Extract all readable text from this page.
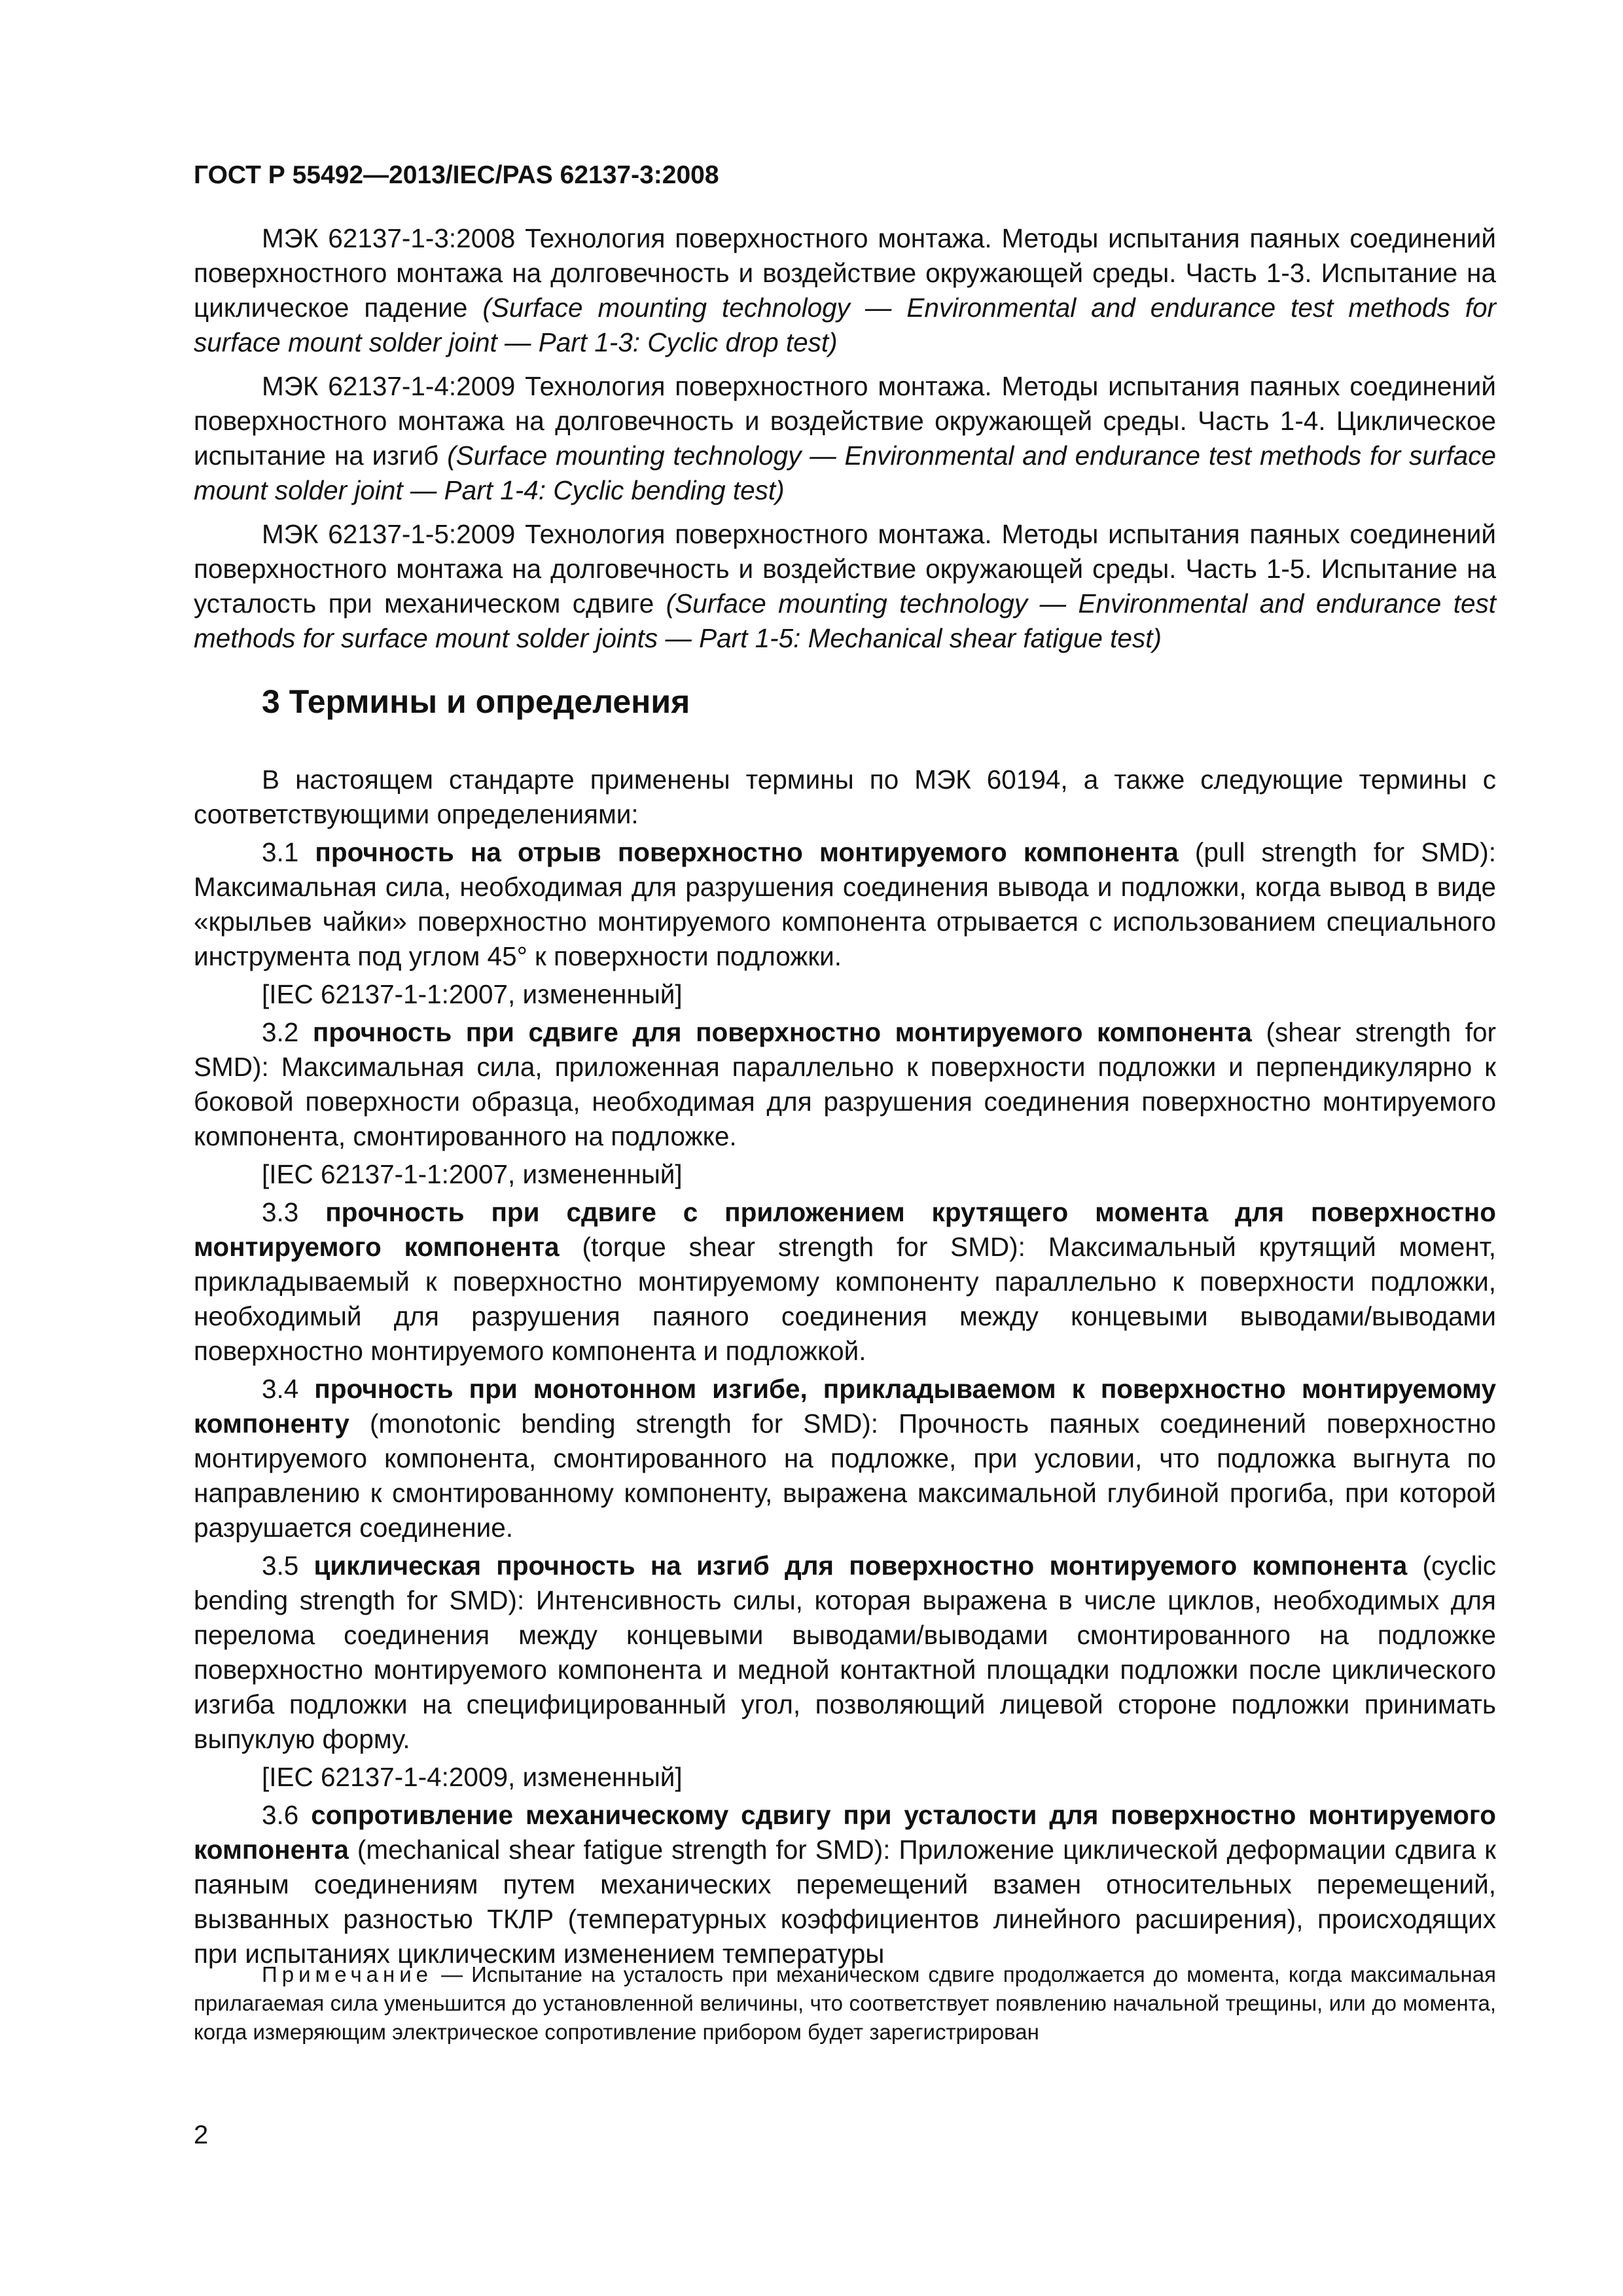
ГОСТ Р 55492—2013/IEC/PAS 62137-3:2008

МЭК 62137-1-3:2008 Технология поверхностного монтажа. Методы испытания паяных соединений поверхностного монтажа на долговечность и воздействие окружающей среды. Часть 1-3. Испытание на циклическое падение (Surface mounting technology — Environmental and endurance test methods for surface mount solder joint — Part 1-3: Cyclic drop test)

МЭК 62137-1-4:2009 Технология поверхностного монтажа. Методы испытания паяных соединений поверхностного монтажа на долговечность и воздействие окружающей среды. Часть 1-4. Циклическое испытание на изгиб (Surface mounting technology — Environmental and endurance test methods for surface mount solder joint — Part 1-4: Cyclic bending test)

МЭК 62137-1-5:2009 Технология поверхностного монтажа. Методы испытания паяных соединений поверхностного монтажа на долговечность и воздействие окружающей среды. Часть 1-5. Испытание на усталость при механическом сдвиге (Surface mounting technology — Environmental and endurance test methods for surface mount solder joints — Part 1-5: Mechanical shear fatigue test)

3 Термины и определения

В настоящем стандарте применены термины по МЭК 60194, а также следующие термины с соответствующими определениями:

3.1 прочность на отрыв поверхностно монтируемого компонента (pull strength for SMD): Максимальная сила, необходимая для разрушения соединения вывода и подложки, когда вывод в виде «крыльев чайки» поверхностно монтируемого компонента отрывается с использованием специального инструмента под углом 45° к поверхности подложки.

[IEC 62137-1-1:2007, измененный]

3.2 прочность при сдвиге для поверхностно монтируемого компонента (shear strength for SMD): Максимальная сила, приложенная параллельно к поверхности подложки и перпендикулярно к боковой поверхности образца, необходимая для разрушения соединения поверхностно монтируемого компонента, смонтированного на подложке.

[IEC 62137-1-1:2007, измененный]

3.3 прочность при сдвиге с приложением крутящего момента для поверхностно монтируемого компонента (torque shear strength for SMD): Максимальный крутящий момент, прикладываемый к поверхностно монтируемому компоненту параллельно к поверхности подложки, необходимый для разрушения паяного соединения между концевыми выводами/выводами поверхностно монтируемого компонента и подложкой.

3.4 прочность при монотонном изгибе, прикладываемом к поверхностно монтируемому компоненту (monotonic bending strength for SMD): Прочность паяных соединений поверхностно монтируемого компонента, смонтированного на подложке, при условии, что подложка выгнута по направлению к смонтированному компоненту, выражена максимальной глубиной прогиба, при которой разрушается соединение.

3.5 циклическая прочность на изгиб для поверхностно монтируемого компонента (cyclic bending strength for SMD): Интенсивность силы, которая выражена в числе циклов, необходимых для перелома соединения между концевыми выводами/выводами смонтированного на подложке поверхностно монтируемого компонента и медной контактной площадки подложки после циклического изгиба подложки на специфицированный угол, позволяющий лицевой стороне подложки принимать выпуклую форму.

[IEC 62137-1-4:2009, измененный]

3.6 сопротивление механическому сдвигу при усталости для поверхностно монтируемого компонента (mechanical shear fatigue strength for SMD): Приложение циклической деформации сдвига к паяным соединениям путем механических перемещений взамен относительных перемещений, вызванных разностью ТКЛР (температурных коэффициентов линейного расширения), происходящих при испытаниях циклическим изменением температуры

Примечание — Испытание на усталость при механическом сдвиге продолжается до момента, когда максимальная прилагаемая сила уменьшится до установленной величины, что соответствует появлению начальной трещины, или до момента, когда измеряющим электрическое сопротивление прибором будет зарегистрирован

2
